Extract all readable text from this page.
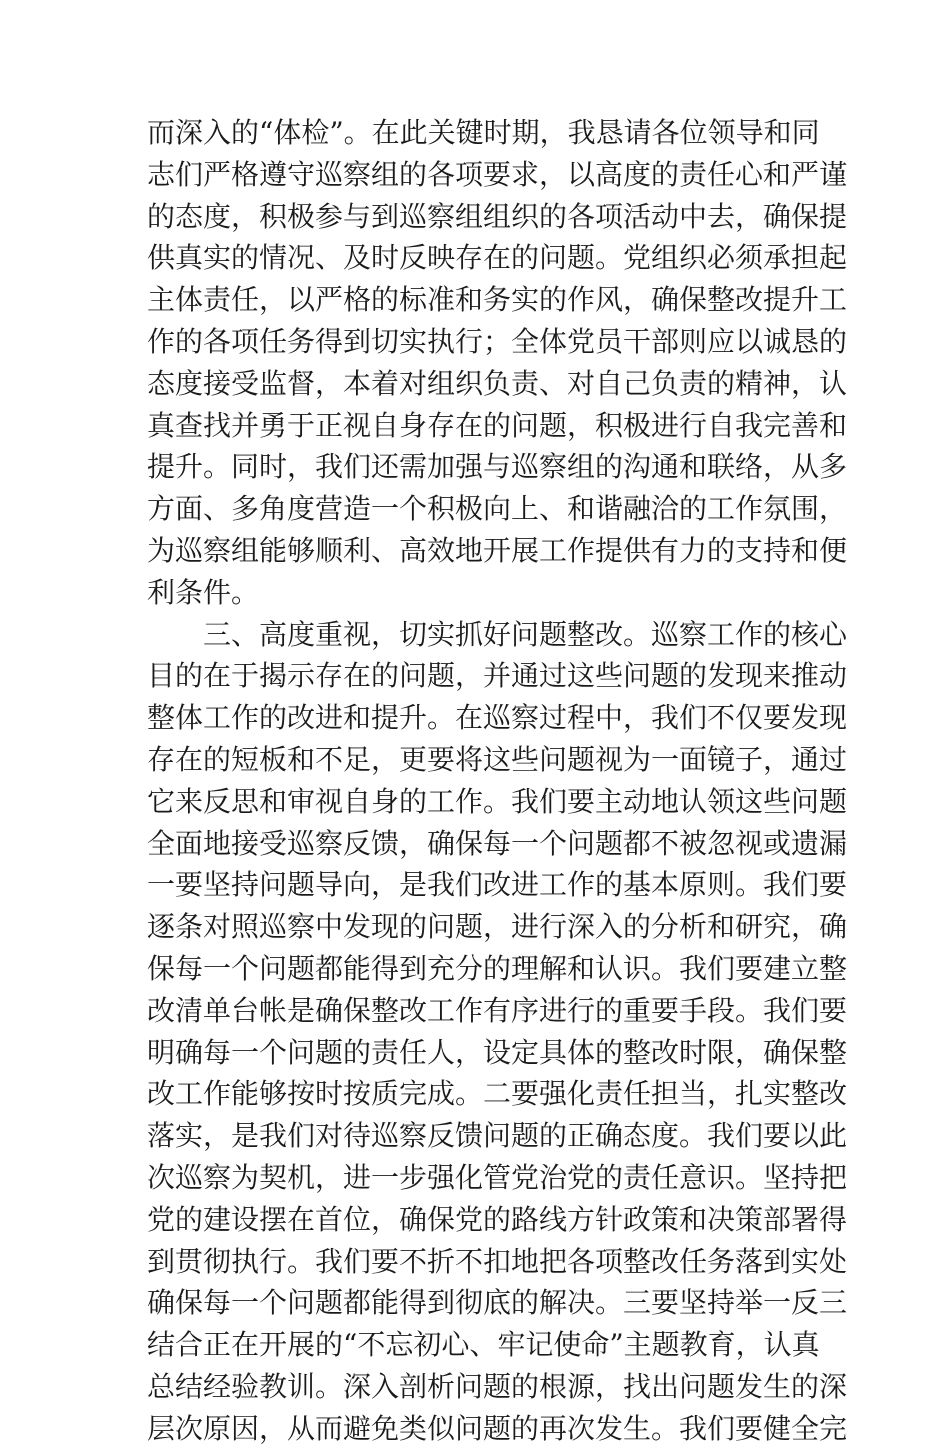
而深入的“体检”。在此关键时期，我恳请各位领导和同
志们严格遵守巡察组的各项要求，以高度的责任心和严谨
的态度，积极参与到巡察组组织的各项活动中去，确保提
供真实的情况、及时反映存在的问题。党组织必须承担起
主体责任，以严格的标准和务实的作风，确保整改提升工
作的各项任务得到切实执行；全体党员干部则应以诚恳的
态度接受监督，本着对组织负责、对自己负责的精神，认
真查找并勇于正视自身存在的问题，积极进行自我完善和
提升。同时，我们还需加强与巡察组的沟通和联络，从多
方面、多角度营造一个积极向上、和谐融洽的工作氛围，
为巡察组能够顺利、高效地开展工作提供有力的支持和便
利条件。
　　三、高度重视，切实抓好问题整改。巡察工作的核心
目的在于揭示存在的问题，并通过这些问题的发现来推动
整体工作的改进和提升。在巡察过程中，我们不仅要发现
存在的短板和不足，更要将这些问题视为一面镜子，通过
它来反思和审视自身的工作。我们要主动地认领这些问题
全面地接受巡察反馈，确保每一个问题都不被忽视或遗漏
一要坚持问题导向，是我们改进工作的基本原则。我们要
逐条对照巡察中发现的问题，进行深入的分析和研究，确
保每一个问题都能得到充分的理解和认识。我们要建立整
改清单台帐是确保整改工作有序进行的重要手段。我们要
明确每一个问题的责任人，设定具体的整改时限，确保整
改工作能够按时按质完成。二要强化责任担当，扎实整改
落实，是我们对待巡察反馈问题的正确态度。我们要以此
次巡察为契机，进一步强化管党治党的责任意识。坚持把
党的建设摆在首位，确保党的路线方针政策和决策部署得
到贯彻执行。我们要不折不扣地把各项整改任务落到实处
确保每一个问题都能得到彻底的解决。三要坚持举一反三
结合正在开展的“不忘初心、牢记使命”主题教育，认真
总结经验教训。深入剖析问题的根源，找出问题发生的深
层次原因，从而避免类似问题的再次发生。我们要健全完
